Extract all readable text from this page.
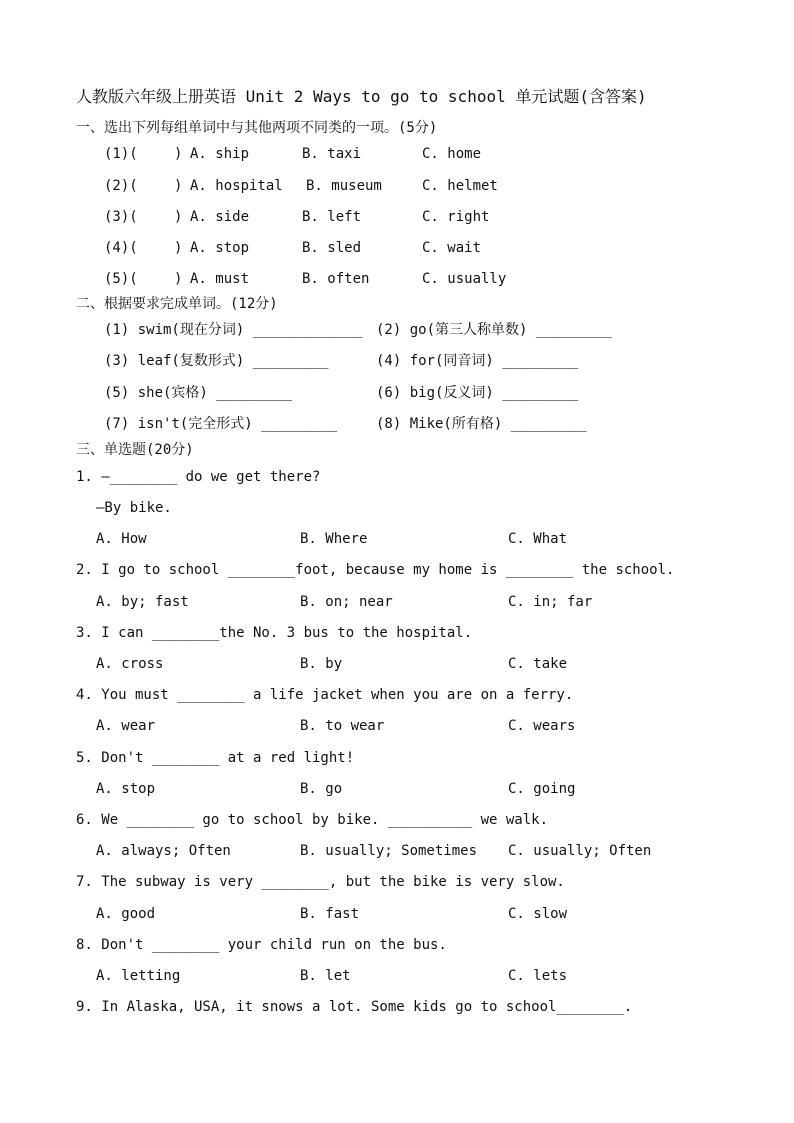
人教版六年级上册英语 Unit 2 Ways to go to school 单元试题(含答案)
一、选出下列每组单词中与其他两项不同类的一项。(5分)
(1)(	) A. ship	B. taxi	C. home
(2)(	) A. hospital B. museum	C. helmet
(3)(	) A. side	B. left	C. right
(4)(	) A. stop	B. sled	C. wait
(5)(	) A. must	B. often	C. usually
二、根据要求完成单词。(12分)
(1) swim(现在分词) _____________ (2) go(第三人称单数) _________
(3) leaf(复数形式) _________	(4) for(同音词) _________
(5) she(宾格) _________	(6) big(反义词) _________
(7) isn't(完全形式) _________	(8) Mike(所有格) _________
三、单选题(20分)
1. —________ do we get there?
—By bike.
A. How	B. Where	C. What
2. I go to school ________foot, because my home is ________ the school.
A. by; fast	B. on; near	C. in; far
3. I can ________the No. 3 bus to the hospital.
A. cross	B. by	C. take
4. You must ________ a life jacket when you are on a ferry.
A. wear	B. to wear	C. wears
5. Don't ________ at a red light!
A. stop	B. go	C. going
6. We ________ go to school by bike. __________ we walk.
A. always; Often	B. usually; Sometimes C. usually; Often
7. The subway is very ________, but the bike is very slow.
A. good	B. fast	C. slow
8. Don't ________ your child run on the bus.
A. letting	B. let	C. lets
9. In Alaska, USA, it snows a lot. Some kids go to school________.
